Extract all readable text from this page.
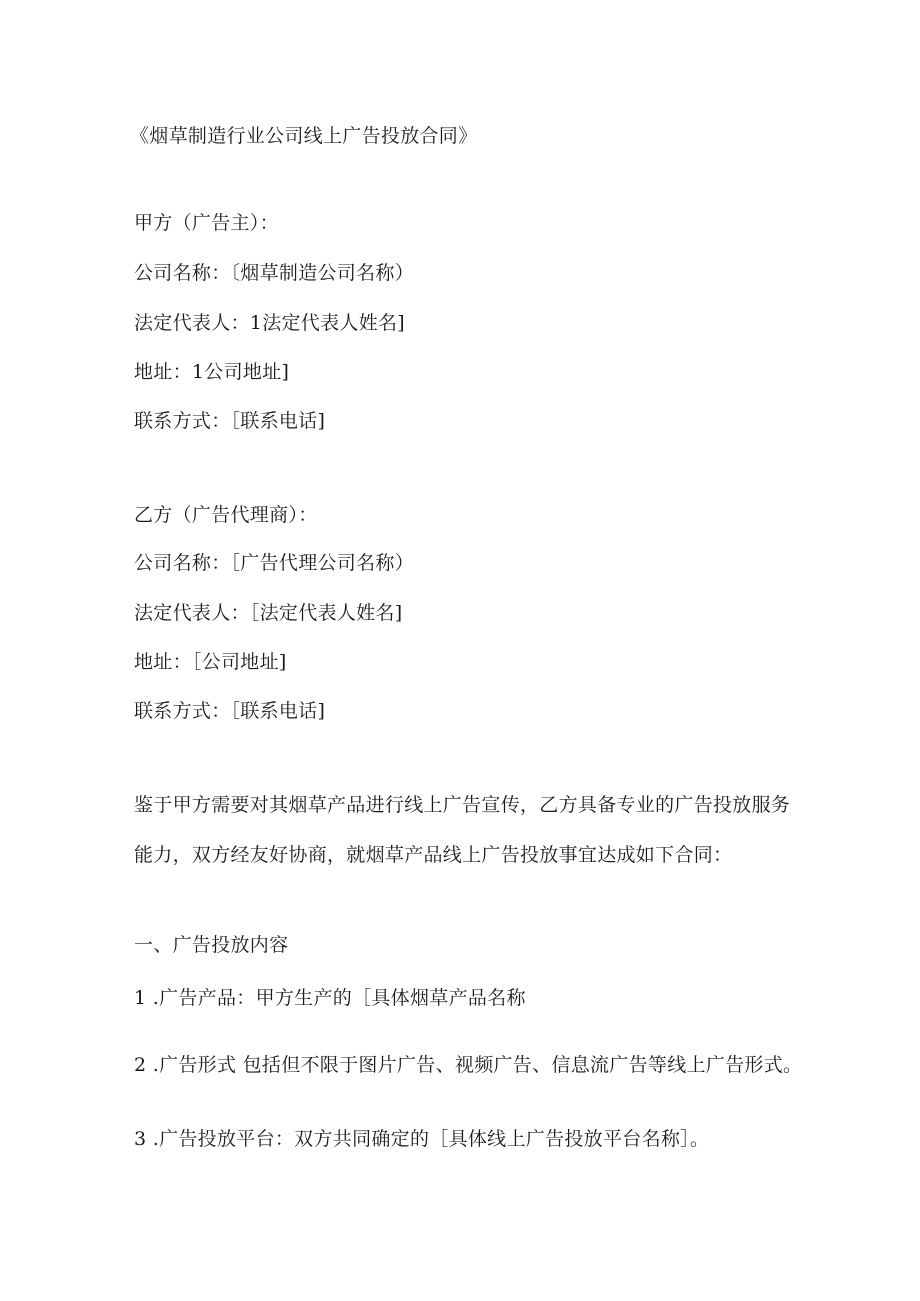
《烟草制造行业公司线上广告投放合同》
甲方（广告主）：
公司名称：〔烟草制造公司名称）
法定代表人：1法定代表人姓名]
地址：1公司地址]
联系方式：［联系电话]
乙方（广告代理商）：
公司名称：［广告代理公司名称）
法定代表人：［法定代表人姓名]
地址：［公司地址]
联系方式：［联系电话]
鉴于甲方需要对其烟草产品进行线上广告宣传，乙方具备专业的广告投放服务
能力，双方经友好协商，就烟草产品线上广告投放事宜达成如下合同：
一、广告投放内容
1 .广告产品：甲方生产的［具体烟草产品名称
2 .广告形式 包括但不限于图片广告、视频广告、信息流广告等线上广告形式。
3 .广告投放平台：双方共同确定的［具体线上广告投放平台名称］。
